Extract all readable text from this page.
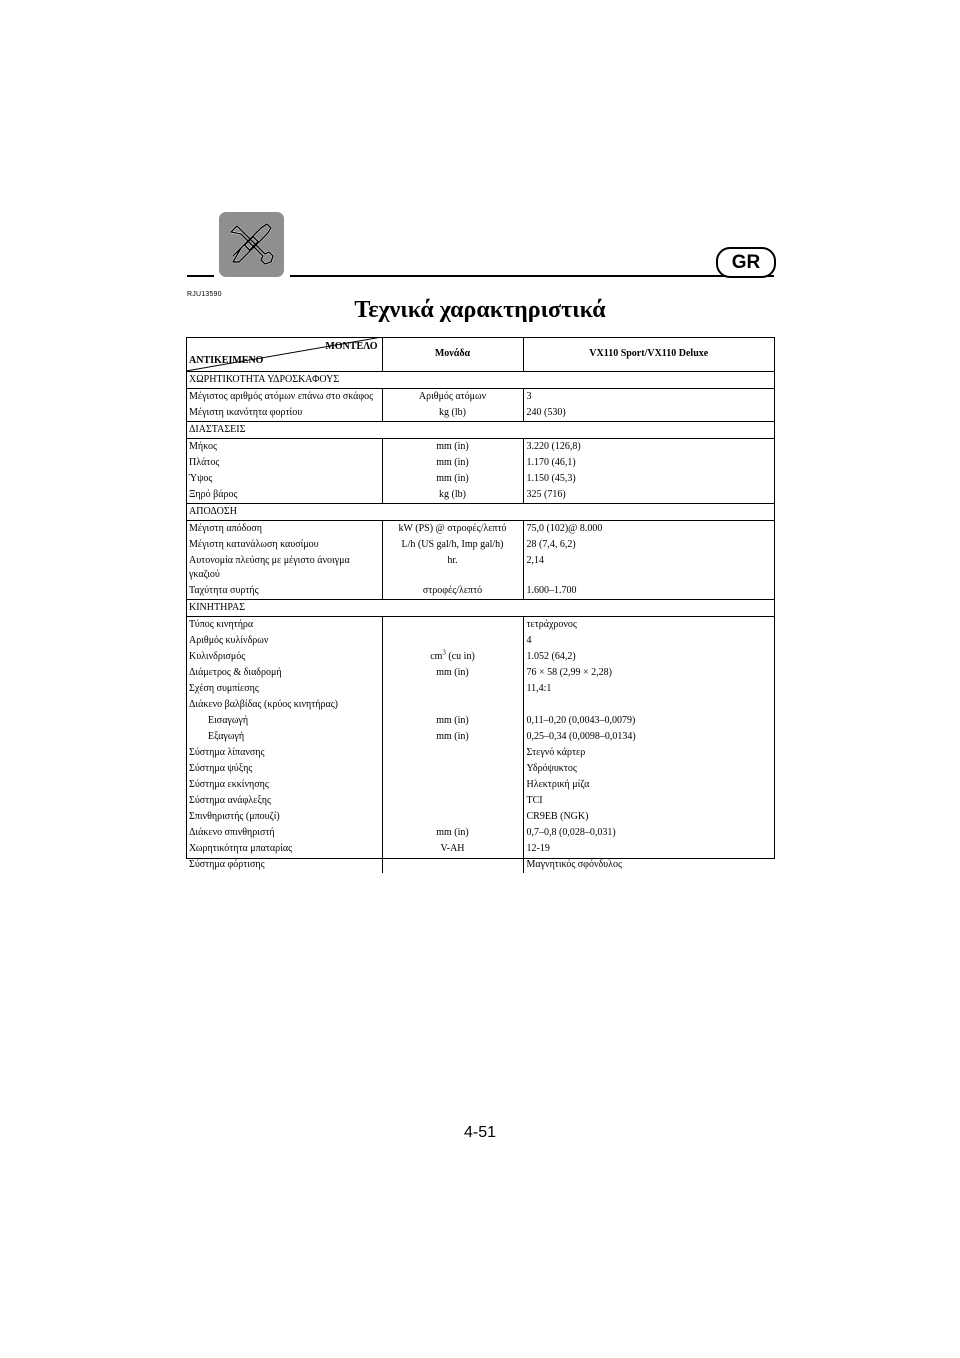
GR
RJU13590
Τεχνικά χαρακτηριστικά
ΜΟΝΤΕΛΟ
ΑΝΤΙΚΕΙΜΕΝΟ	Μονάδα	VX110 Sport/VX110 Deluxe
ΧΩΡΗΤΙΚΟΤΗΤΑ ΥΔΡΟΣΚΑΦΟΥΣ		
Μέγιστος αριθμός ατόμων επάνω στο σκάφος	Αριθμός ατόμων	3
Μέγιστη ικανότητα φορτίου	kg (lb)	240 (530)
ΔΙΑΣΤΑΣΕΙΣ		
Μήκος	mm (in)	3.220 (126,8)
Πλάτος	mm (in)	1.170 (46,1)
Ύψος	mm (in)	1.150 (45,3)
Ξηρό βάρος	kg (lb)	325 (716)
ΑΠΟΔΟΣΗ		
Μέγιστη απόδοση	kW (PS) @ στροφές/λεπτό	75,0 (102)@ 8.000
Μέγιστη κατανάλωση καυσίμου	L/h (US gal/h, Imp gal/h)	28 (7,4, 6,2)
Αυτονομία πλεύσης με μέγιστο άνοιγμα γκαζιού	hr.	2,14
Ταχύτητα συρτής	στροφές/λεπτό	1.600–1.700
ΚΙΝΗΤΗΡΑΣ		
Τύπος κινητήρα		τετράχρονος
Αριθμός κυλίνδρων		4
Κυλινδρισμός	$cm^3$ (cu in)	1.052 (64,2)
Διάμετρος & διαδρομή	mm (in)	76 × 58 (2,99 × 2,28)
Σχέση συμπίεσης		11,4:1
Διάκενο βαλβίδας (κρύος κινητήρας)		
Εισαγωγή	mm (in)	0,11–0,20 (0,0043–0,0079)
Εξαγωγή	mm (in)	0,25–0,34 (0,0098–0,0134)
Σύστημα λίπανσης		Στεγνό κάρτερ
Σύστημα ψύξης		Υδρόψυκτος
Σύστημα εκκίνησης		Ηλεκτρική μίζα
Σύστημα ανάφλεξης		TCI
Σπινθηριστής (μπουζί)		CR9EB (NGK)
Διάκενο σπινθηριστή	mm (in)	0,7–0,8 (0,028–0,031)
Χωρητικότητα μπαταρίας	V-AH	12-19
Σύστημα φόρτισης		Μαγνητικός σφόνδυλος
4-51
